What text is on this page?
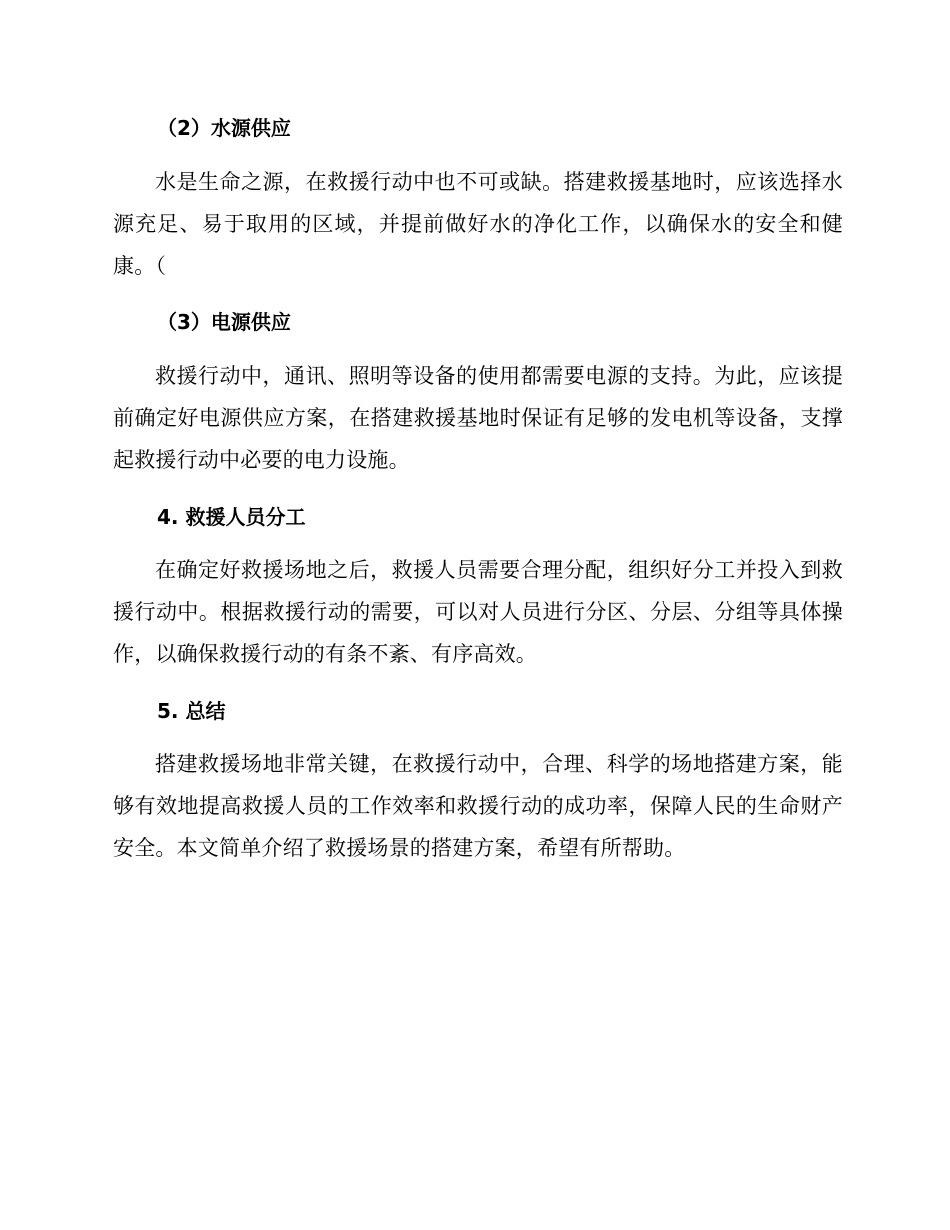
（2）水源供应

水是生命之源，在救援行动中也不可或缺。搭建救援基地时，应该选择水源充足、易于取用的区域，并提前做好水的净化工作，以确保水的安全和健康。（

（3）电源供应

救援行动中，通讯、照明等设备的使用都需要电源的支持。为此，应该提前确定好电源供应方案，在搭建救援基地时保证有足够的发电机等设备，支撑起救援行动中必要的电力设施。

4. 救援人员分工

在确定好救援场地之后，救援人员需要合理分配，组织好分工并投入到救援行动中。根据救援行动的需要，可以对人员进行分区、分层、分组等具体操作，以确保救援行动的有条不紊、有序高效。

5. 总结

搭建救援场地非常关键，在救援行动中，合理、科学的场地搭建方案，能够有效地提高救援人员的工作效率和救援行动的成功率，保障人民的生命财产安全。本文简单介绍了救援场景的搭建方案，希望有所帮助。
